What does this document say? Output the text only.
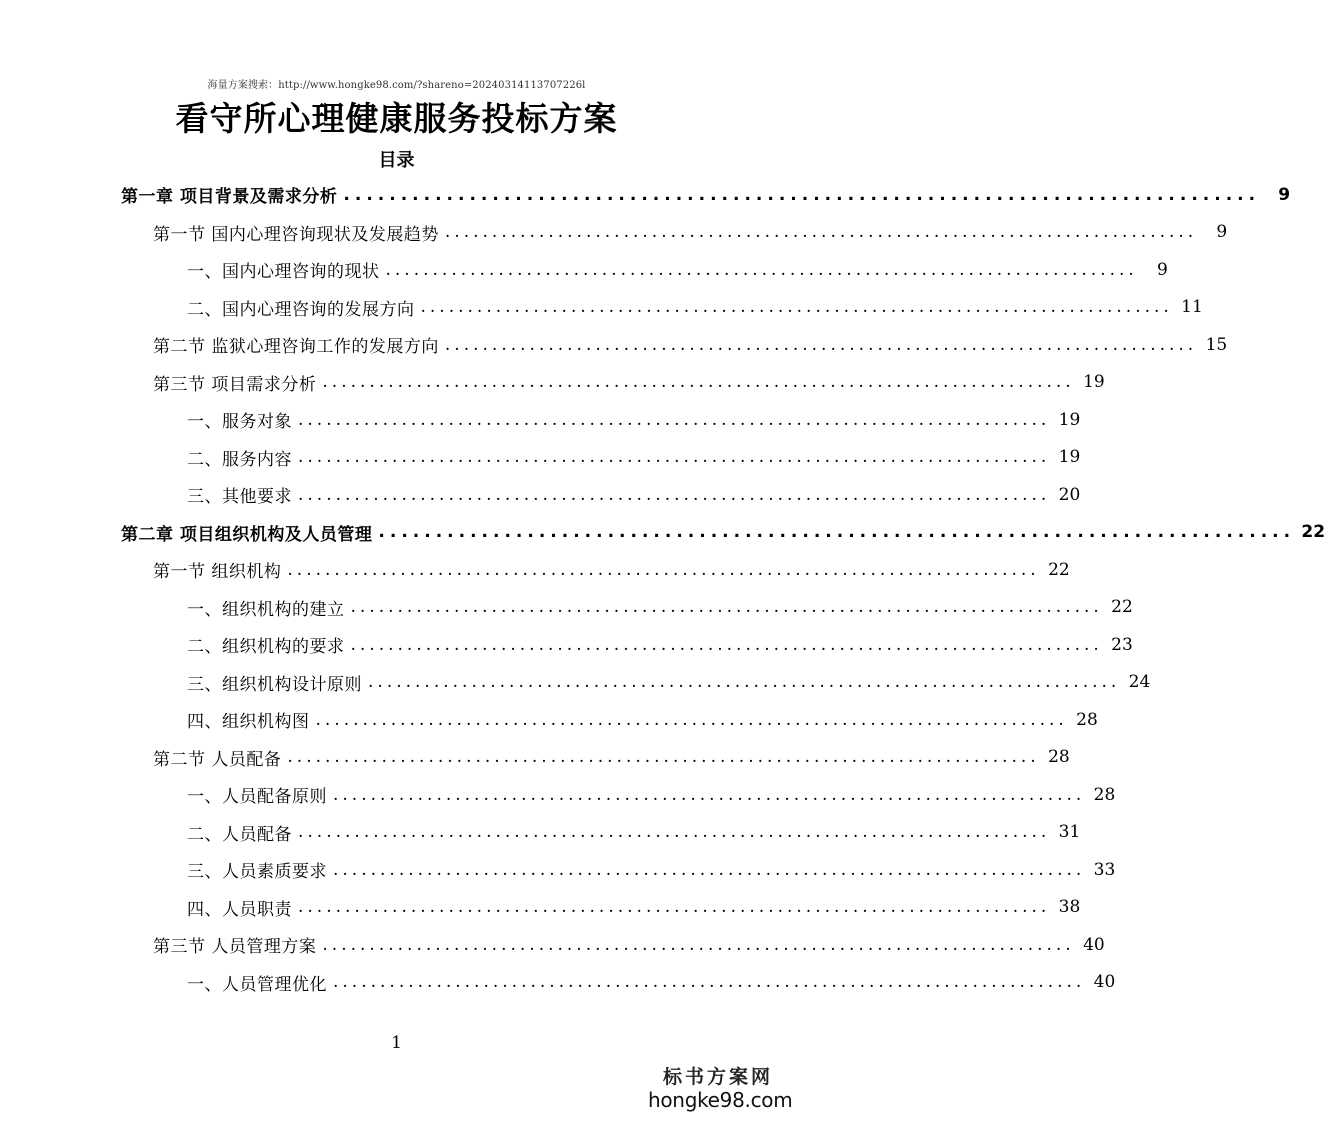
海量方案搜索：http://www.hongke98.com/?shareno=20240314113707226l
看守所心理健康服务投标方案
目录
第一章 项目背景及需求分析 ................................................................................	9
第一节 国内心理咨询现状及发展趋势 ................................................................................	9
一、国内心理咨询的现状 ................................................................................	9
二、国内心理咨询的发展方向 ................................................................................ 11
第二节 监狱心理咨询工作的发展方向 ................................................................................ 15
第三节 项目需求分析 ................................................................................ 19
一、服务对象 ................................................................................ 19
二、服务内容 ................................................................................ 19
三、其他要求 ................................................................................ 20
第二章 项目组织机构及人员管理 ................................................................................ 22
第一节 组织机构 ................................................................................ 22
一、组织机构的建立 ................................................................................ 22
二、组织机构的要求 ................................................................................ 23
三、组织机构设计原则 ................................................................................ 24
四、组织机构图 ................................................................................ 28
第二节 人员配备 ................................................................................ 28
一、人员配备原则 ................................................................................ 28
二、人员配备 ................................................................................ 31
三、人员素质要求 ................................................................................ 33
四、人员职责 ................................................................................ 38
第三节 人员管理方案 ................................................................................ 40
一、人员管理优化 ................................................................................ 40
1
标书方案网
hongke98.com
